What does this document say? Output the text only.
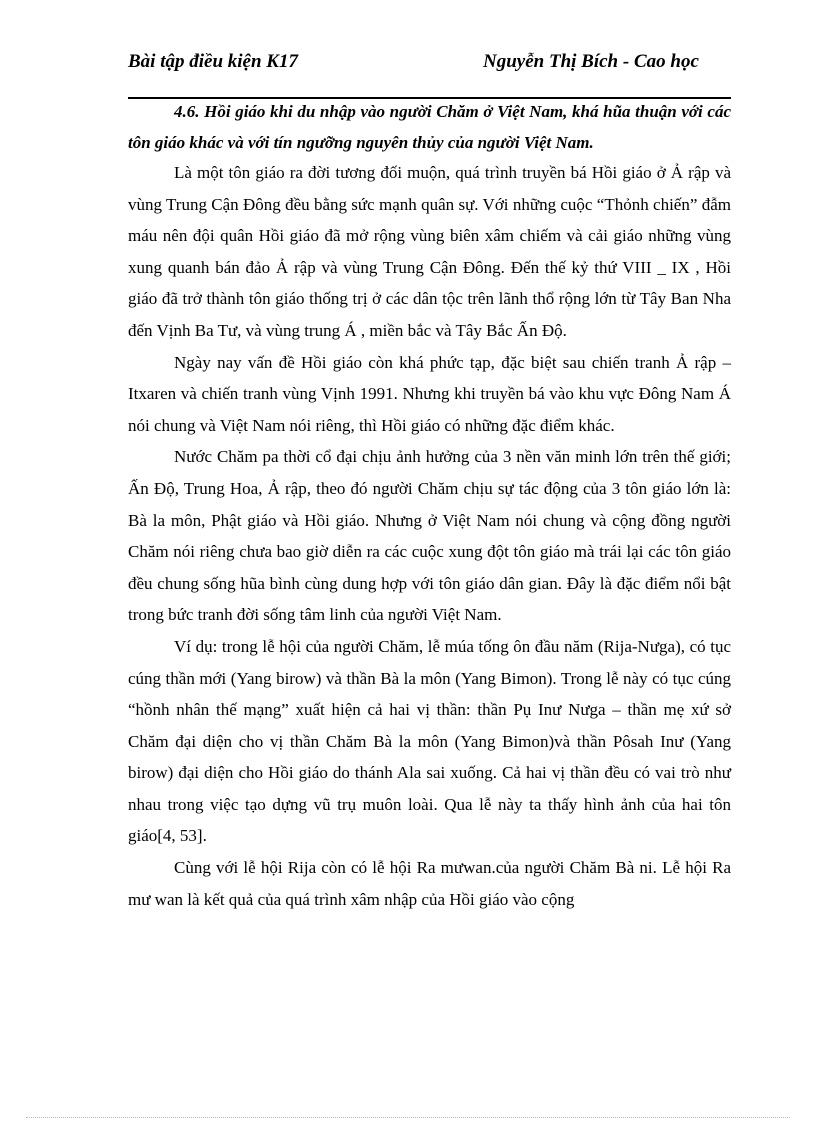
Bài tập điều kiện K17	Nguyễn Thị Bích - Cao học
4.6. Hồi giáo khi du nhập vào người Chăm ở Việt Nam, khá hũa thuận với các tôn giáo khác và với tín ngưỡng nguyên thủy của người Việt Nam.

Là một tôn giáo ra đời tương đối muộn, quá trình truyền bá Hồi giáo ở Ả rập và vùng Trung Cận Đông đều bằng sức mạnh quân sự. Với những cuộc “Thỏnh chiến” đẫm máu nên đội quân Hồi giáo đã mở rộng vùng biên xâm chiếm và cải giáo những vùng xung quanh bán đảo Ả rập và vùng Trung Cận Đông. Đến thế kỷ thứ VIII _ IX , Hồi giáo đã trở thành tôn giáo thống trị ở các dân tộc trên lãnh thổ rộng lớn từ Tây Ban Nha đến Vịnh Ba Tư, và vùng trung Á , miền bắc và Tây Bắc Ấn Độ.

Ngày nay vấn đề Hồi giáo còn khá phức tạp, đặc biệt sau chiến tranh Ả rập – Itxaren và chiến tranh vùng Vịnh 1991. Nhưng khi truyền bá vào khu vực Đông Nam Á nói chung và Việt Nam nói riêng, thì Hồi giáo có những đặc điểm khác.

Nước Chăm pa thời cổ đại chịu ảnh hưởng của 3 nền văn minh lớn trên thế giới; Ấn Độ, Trung Hoa, Ả rập, theo đó người Chăm chịu sự tác động của 3 tôn giáo lớn là: Bà la môn, Phật giáo và Hồi giáo. Nhưng ở Việt Nam nói chung và cộng đồng người Chăm nói riêng chưa bao giờ diễn ra các cuộc xung đột tôn giáo mà trái lại các tôn giáo đều chung sống hũa bình cùng dung hợp với tôn giáo dân gian. Đây là đặc điểm nổi bật trong bức tranh đời sống tâm linh của người Việt Nam.

Ví dụ: trong lễ hội của người Chăm, lễ múa tống ôn đầu năm (Rija-Nưga), có tục cúng thần mới (Yang birow) và thần Bà la môn (Yang Bimon). Trong lễ này có tục cúng “hồnh nhân thế mạng” xuất hiện cả hai vị thần: thần Pụ Inư Nưga – thần mẹ xứ sở Chăm đại diện cho vị thần Chăm Bà la môn (Yang Bimon)và thần Pôsah Inư (Yang birow) đại diện cho Hồi giáo do thánh Ala sai xuống. Cả hai vị thần đều có vai trò như nhau trong việc tạo dựng vũ trụ muôn loài. Qua lễ này ta thấy hình ảnh của hai tôn giáo[4, 53].

Cùng với lễ hội Rija còn có lễ hội Ra mưwan.của người Chăm Bà ni. Lễ hội Ra mư wan là kết quả của quá trình xâm nhập của Hồi giáo vào cộng
